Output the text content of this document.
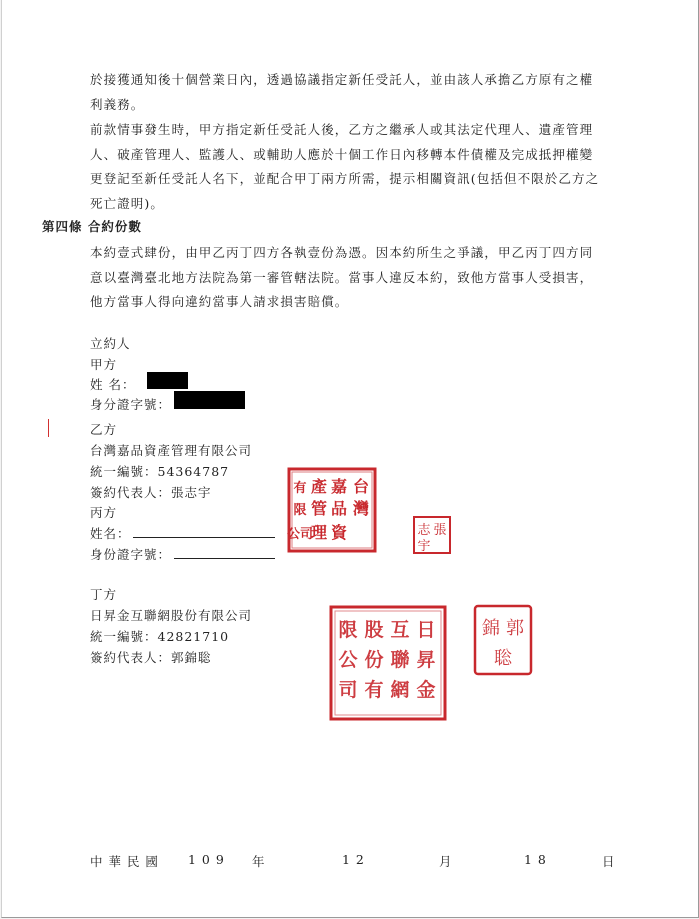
於接獲通知後十個營業日內，透過協議指定新任受託人，並由該人承擔乙方原有之權
利義務。
前款情事發生時，甲方指定新任受託人後，乙方之繼承人或其法定代理人、遺產管理
人、破產管理人、監護人、或輔助人應於十個工作日內移轉本件債權及完成抵押權變
更登記至新任受託人名下，並配合甲丁兩方所需，提示相關資訊(包括但不限於乙方之
死亡證明)。
第四條 合約份數
本約壹式肆份，由甲乙丙丁四方各執壹份為憑。因本約所生之爭議，甲乙丙丁四方同
意以臺灣臺北地方法院為第一審管轄法院。當事人違反本約，致他方當事人受損害，
他方當事人得向違約當事人請求損害賠償。
立約人
甲方
姓 名：
身分證字號：
乙方
台灣嘉品資產管理有限公司
統一編號：54364787
簽約代表人：張志宇
丙方
姓名：
身份證字號：
丁方
日昇金互聯網股份有限公司
統一編號：42821710
簽約代表人：郭錦聡
台
灣
嘉
品
資
產
管
理
有
限
公司	張
志
宇
日
昇
金
互
聯
網
股
份
有
限
公
司
郭
錦
聡
中 華 民 國 1 0 9 年	1 2	月	1 8	日
